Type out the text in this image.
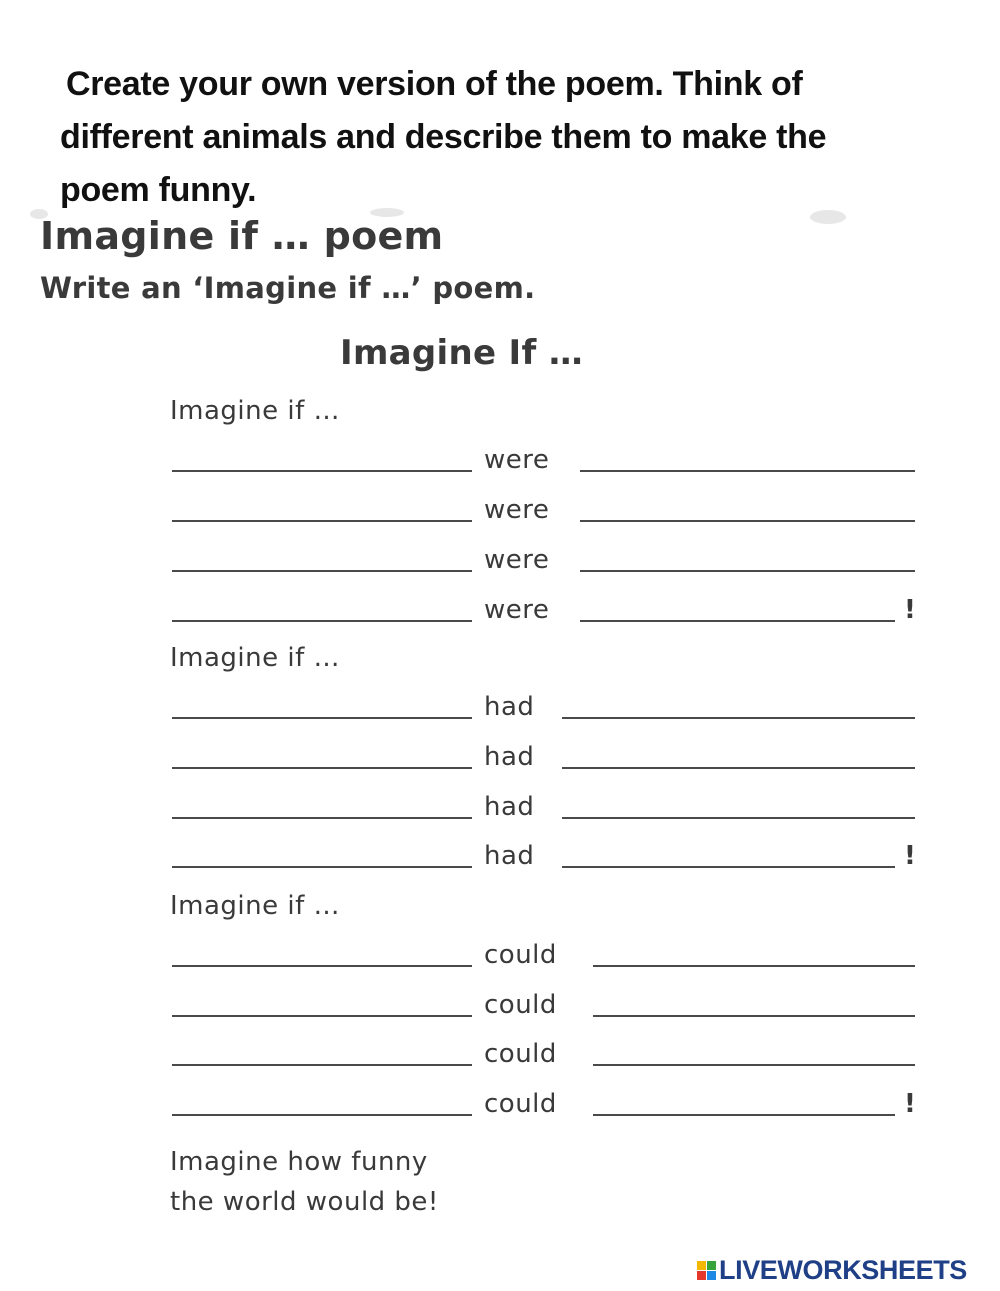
Create your own version of the poem. Think of
different animals and describe them to make the
poem funny.
Imagine if … poem
Write an ‘Imagine if …’ poem.
Imagine If …
Imagine if …
were
were
were
were	!
Imagine if …
had
had
had
had	!
Imagine if …
could
could
could
could	!
Imagine how funny
the world would be!
LIVEWORKSHEETS
